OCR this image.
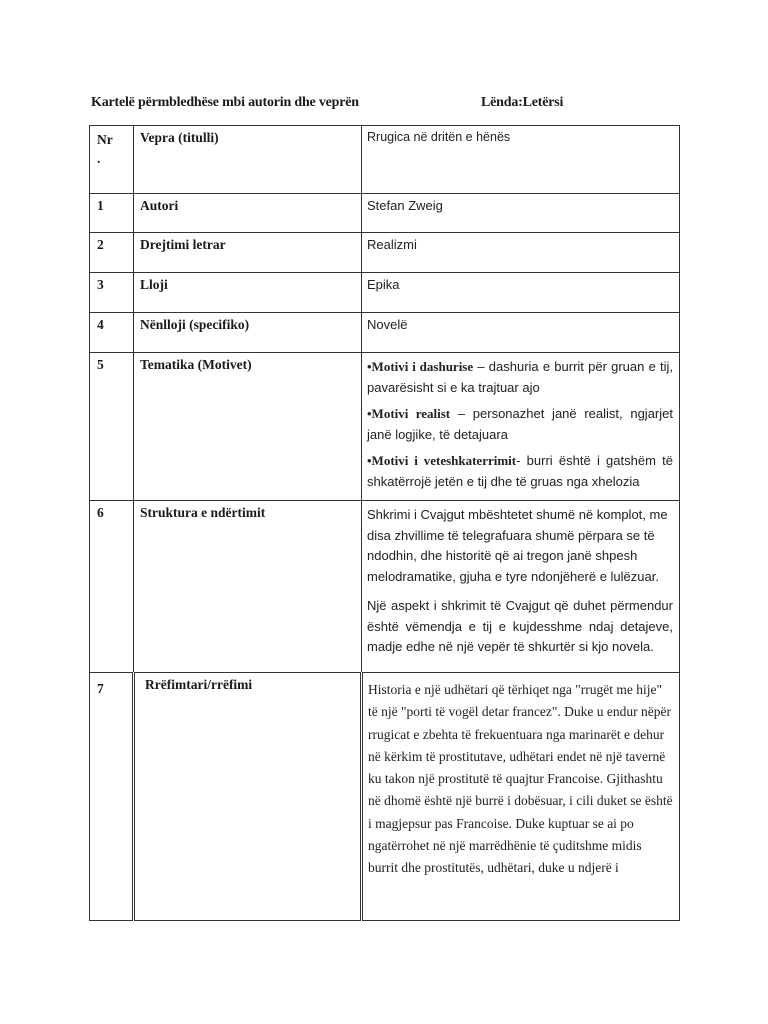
Kartelë përmbledhëse mbi autorin dhe veprën	Lënda:Letërsi
Nr
.	Vepra (titulli)	Rrugica në dritën e hënës
1	Autori	Stefan Zweig
2	Drejtimi letrar	Realizmi
3	Lloji	Epika
4	Nënlloji (specifiko)	Novelë
5	Tematika (Motivet)	•Motivi i dashurise – dashuria e burrit për gruan e tij, pavarësisht si e ka trajtuar ajo

•Motivi realist – personazhet janë realist, ngjarjet janë logjike, të detajuara

•Motivi i veteshkaterrimit- burri është i gatshëm të shkatërrojë jetën e tij dhe të gruas nga xhelozia

6	Struktura e ndërtimit	Shkrimi i Cvajgut mbështetet shumë në komplot, me disa zhvillime të telegrafuara shumë përpara se të ndodhin, dhe historitë që ai tregon janë shpesh melodramatike, gjuha e tyre ndonjëherë e lulëzuar.

Një aspekt i shkrimit të Cvajgut që duhet përmendur është vëmendja e tij e kujdesshme ndaj detajeve, madje edhe në një vepër të shkurtër si kjo novela.

7	Rrëfimtari/rrëfimi	Historia e një udhëtari që tërhiqet nga "rrugët me hije" të një "porti të vogël detar francez". Duke u endur nëpër rrugicat e zbehta të frekuentuara nga marinarët e dehur në kërkim të prostitutave, udhëtari endet në një tavernë ku takon një prostitutë të quajtur Francoise. Gjithashtu në dhomë është një burrë i dobësuar, i cili duket se është i magjepsur pas Francoise. Duke kuptuar se ai po ngatërrohet në një marrëdhënie të çuditshme midis burrit dhe prostitutës, udhëtari, duke u ndjerë i
